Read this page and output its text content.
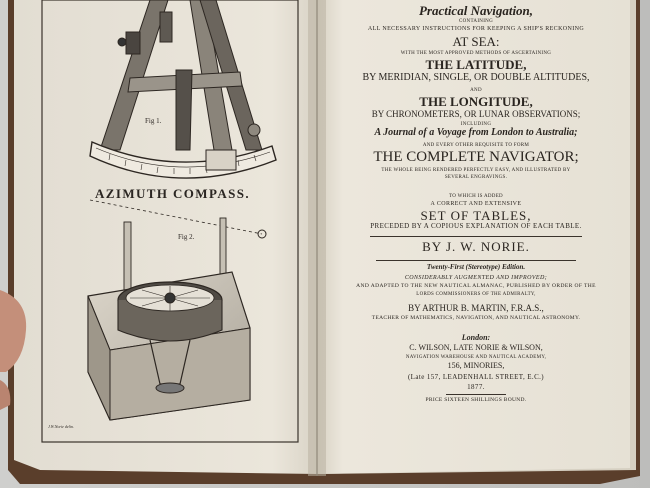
Fig 1.
AZIMUTH COMPASS.
Fig 2.
J.W.Norie delin.
Practical Navigation,
CONTAINING
ALL NECESSARY INSTRUCTIONS FOR KEEPING A SHIP'S RECKONING
AT SEA:
WITH THE MOST APPROVED METHODS OF ASCERTAINING
THE LATITUDE,
BY MERIDIAN, SINGLE, OR DOUBLE ALTITUDES,
AND
THE LONGITUDE,
BY CHRONOMETERS, OR LUNAR OBSERVATIONS;
INCLUDING
A Journal of a Voyage from London to Australia;
AND EVERY OTHER REQUISITE TO FORM
THE COMPLETE NAVIGATOR;
THE WHOLE BEING RENDERED PERFECTLY EASY, AND ILLUSTRATED BY
SEVERAL ENGRAVINGS.
TO WHICH IS ADDED
A CORRECT AND EXTENSIVE
SET OF TABLES,
PRECEDED BY A COPIOUS EXPLANATION OF EACH TABLE.
BY J. W. NORIE.
Twenty-First (Stereotype) Edition.
CONSIDERABLY AUGMENTED AND IMPROVED;
AND ADAPTED TO THE NEW NAUTICAL ALMANAC, PUBLISHED BY ORDER OF THE
LORDS COMMISSIONERS OF THE ADMIRALTY,
BY ARTHUR B. MARTIN, F.R.A.S.,
TEACHER OF MATHEMATICS, NAVIGATION, AND NAUTICAL ASTRONOMY.
London:
C. WILSON, LATE NORIE & WILSON,
NAVIGATION WAREHOUSE AND NAUTICAL ACADEMY,
156, MINORIES,
(Late 157, LEADENHALL STREET, E.C.)
1877.
PRICE SIXTEEN SHILLINGS BOUND.
